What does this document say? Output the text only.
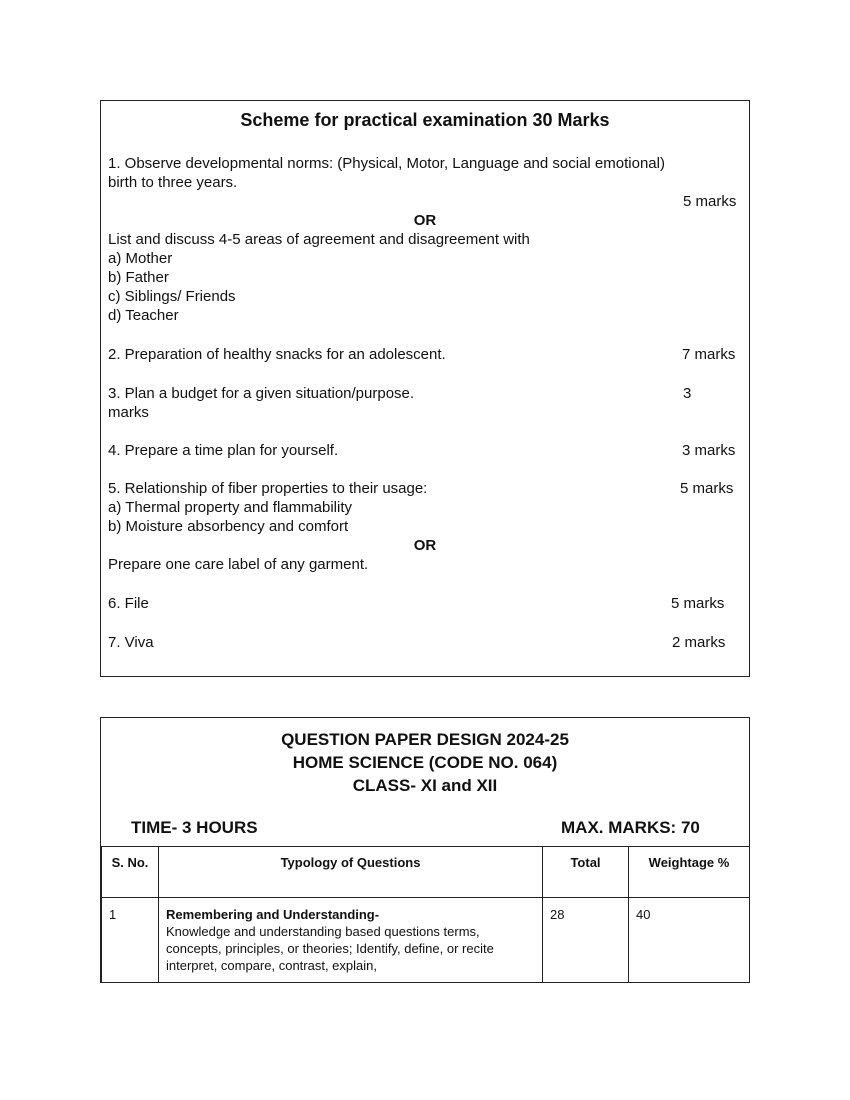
Scheme for practical examination 30 Marks
1. Observe developmental norms: (Physical, Motor, Language and social emotional)
birth to three years.
5 marks
OR
List and discuss 4-5 areas of agreement and disagreement with
a) Mother
b) Father
c) Siblings/ Friends
d) Teacher
2. Preparation of healthy snacks for an adolescent.	7 marks
3. Plan a budget for a given situation/purpose.	3
marks
4. Prepare a time plan for yourself.	3 marks
5. Relationship of fiber properties to their usage:	5 marks
a) Thermal property and flammability
b) Moisture absorbency and comfort
OR
Prepare one care label of any garment.
6. File	5 marks
7. Viva	2 marks
QUESTION PAPER DESIGN 2024-25
HOME SCIENCE (CODE NO. 064)
CLASS- XI and XII
TIME- 3 HOURS	MAX. MARKS: 70
S. No.	Typology of Questions	Total	Weightage %
1	Remembering and Understanding-
Knowledge and understanding based questions terms, concepts, principles, or theories; Identify, define, or recite interpret, compare, contrast, explain,	28	40
